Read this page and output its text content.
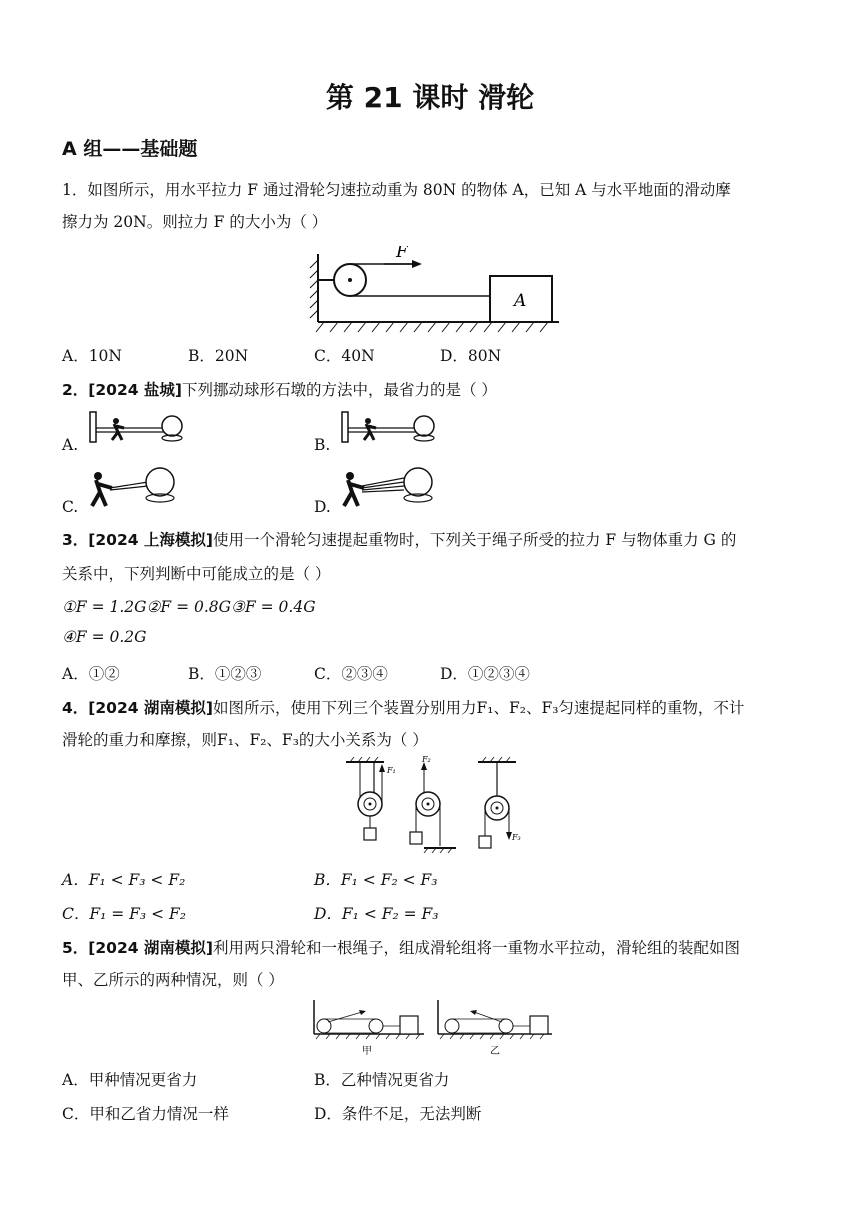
第 21 课时 滑轮
A 组——基础题
1．如图所示，用水平拉力 F 通过滑轮匀速拉动重为 80N 的物体 A，已知 A 与水平地面的滑动摩
擦力为 20N。则拉力 F 的大小为（ ）
F
A
A．10N	B．20N	C．40N	D．80N
2．[2024 盐城]下列挪动球形石墩的方法中，最省力的是（ ）
A.	B.
C.	D.
3．[2024 上海模拟]使用一个滑轮匀速提起重物时，下列关于绳子所受的拉力 F 与物体重力 G 的
关系中，下列判断中可能成立的是（ ）
①F = 1.2G②F = 0.8G③F = 0.4G
④F = 0.2G
A．①②	B．①②③	C．②③④	D．①②③④
4．[2024 湖南模拟]如图所示，使用下列三个装置分别用力F₁、F₂、F₃匀速提起同样的重物，不计
滑轮的重力和摩擦，则F₁、F₂、F₃的大小关系为（ ）
F₁
F₂
F₃
A．F₁ < F₃ < F₂	B．F₁ < F₂ < F₃
C．F₁ = F₃ < F₂	D．F₁ < F₂ = F₃
5．[2024 湖南模拟]利用两只滑轮和一根绳子，组成滑轮组将一重物水平拉动，滑轮组的装配如图
甲、乙所示的两种情况，则（ ）
甲	乙
A．甲种情况更省力	B．乙种情况更省力
C．甲和乙省力情况一样	D．条件不足，无法判断
